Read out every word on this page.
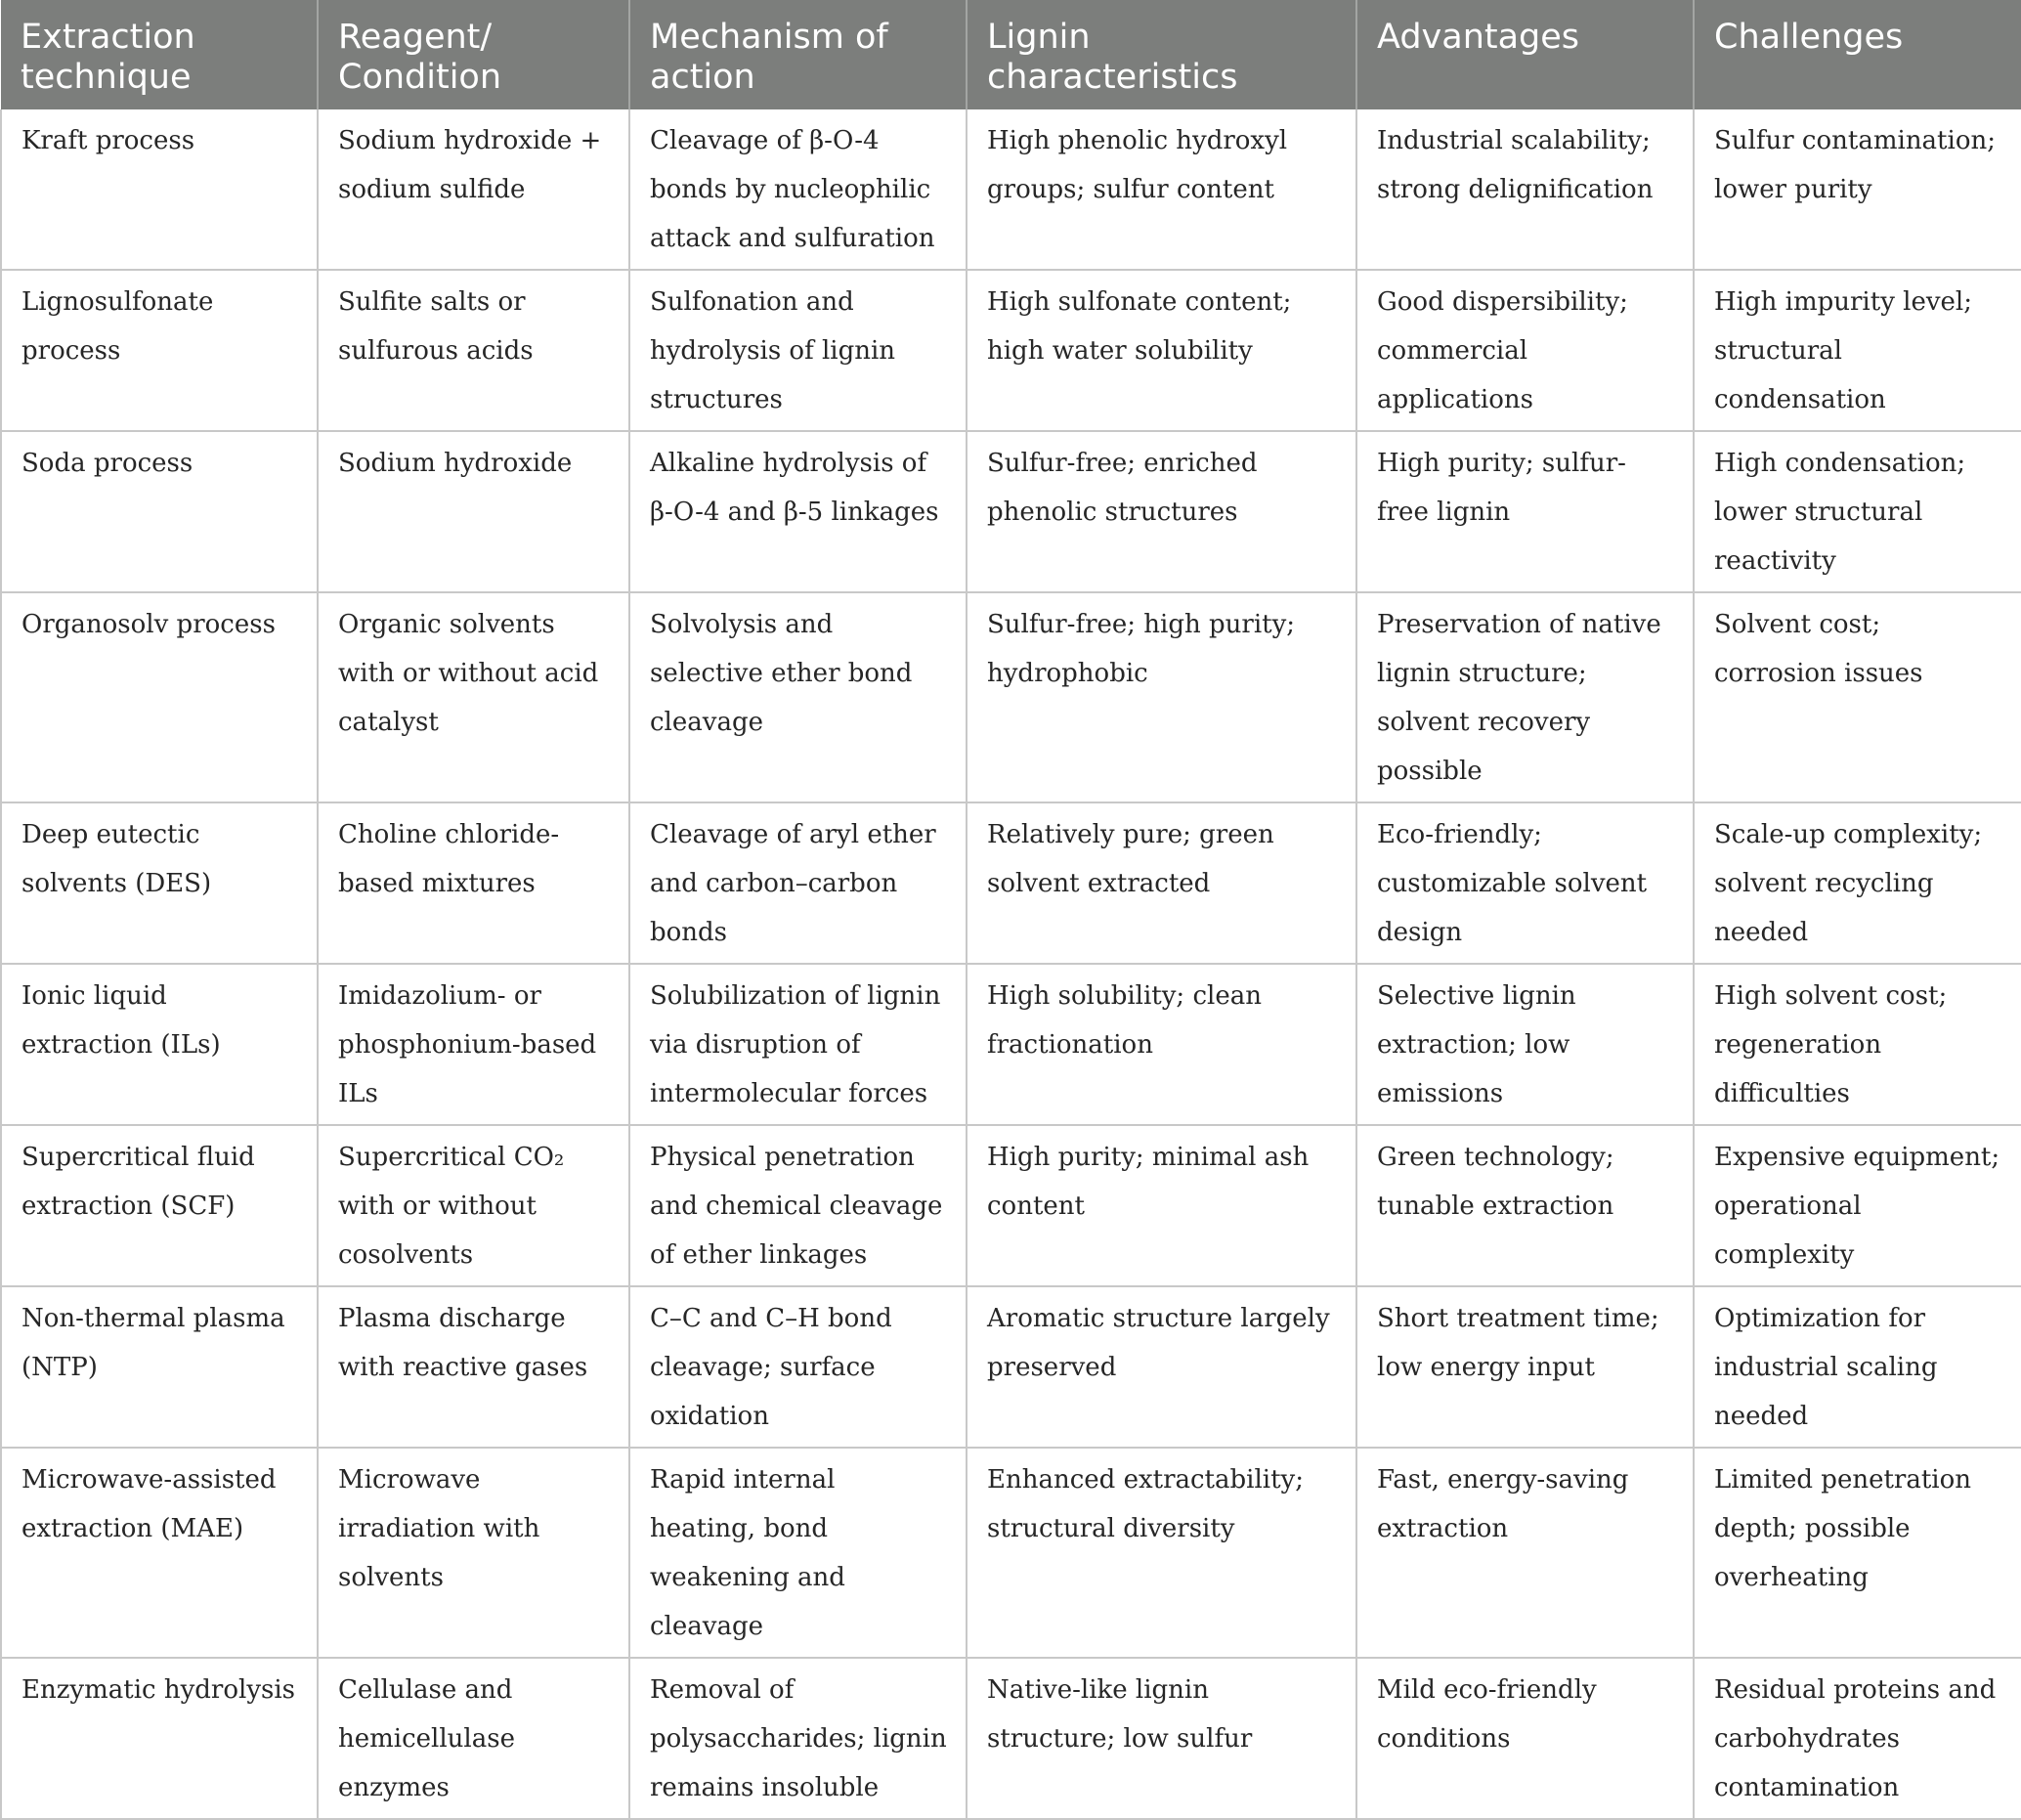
Extraction technique	Reagent/ Condition	Mechanism of action	Lignin characteristics	Advantages	Challenges
Kraft process	Sodium hydroxide + sodium sulfide	Cleavage of β-O-4 bonds by nucleophilic attack and sulfuration	High phenolic hydroxyl groups; sulfur content	Industrial scalability; strong delignification	Sulfur contamination; lower purity
Lignosulfonate process	Sulfite salts or sulfurous acids	Sulfonation and hydrolysis of lignin structures	High sulfonate content; high water solubility	Good dispersibility; commercial applications	High impurity level; structural condensation
Soda process	Sodium hydroxide	Alkaline hydrolysis of β-O-4 and β-5 linkages	Sulfur-free; enriched phenolic structures	High purity; sulfur-free lignin	High condensation; lower structural reactivity
Organosolv process	Organic solvents with or without acid catalyst	Solvolysis and selective ether bond cleavage	Sulfur-free; high purity; hydrophobic	Preservation of native lignin structure; solvent recovery possible	Solvent cost; corrosion issues
Deep eutectic solvents (DES)	Choline chloride-based mixtures	Cleavage of aryl ether and carbon–carbon bonds	Relatively pure; green solvent extracted	Eco-friendly; customizable solvent design	Scale-up complexity; solvent recycling needed
Ionic liquid extraction (ILs)	Imidazolium- or phosphonium-based ILs	Solubilization of lignin via disruption of intermolecular forces	High solubility; clean fractionation	Selective lignin extraction; low emissions	High solvent cost; regeneration difficulties
Supercritical fluid extraction (SCF)	Supercritical CO₂ with or without cosolvents	Physical penetration and chemical cleavage of ether linkages	High purity; minimal ash content	Green technology; tunable extraction	Expensive equipment; operational complexity
Non-thermal plasma (NTP)	Plasma discharge with reactive gases	C–C and C–H bond cleavage; surface oxidation	Aromatic structure largely preserved	Short treatment time; low energy input	Optimization for industrial scaling needed
Microwave-assisted extraction (MAE)	Microwave irradiation with solvents	Rapid internal heating, bond weakening and cleavage	Enhanced extractability; structural diversity	Fast, energy-saving extraction	Limited penetration depth; possible overheating
Enzymatic hydrolysis	Cellulase and hemicellulase enzymes	Removal of polysaccharides; lignin remains insoluble	Native-like lignin structure; low sulfur	Mild eco-friendly conditions	Residual proteins and carbohydrates contamination
